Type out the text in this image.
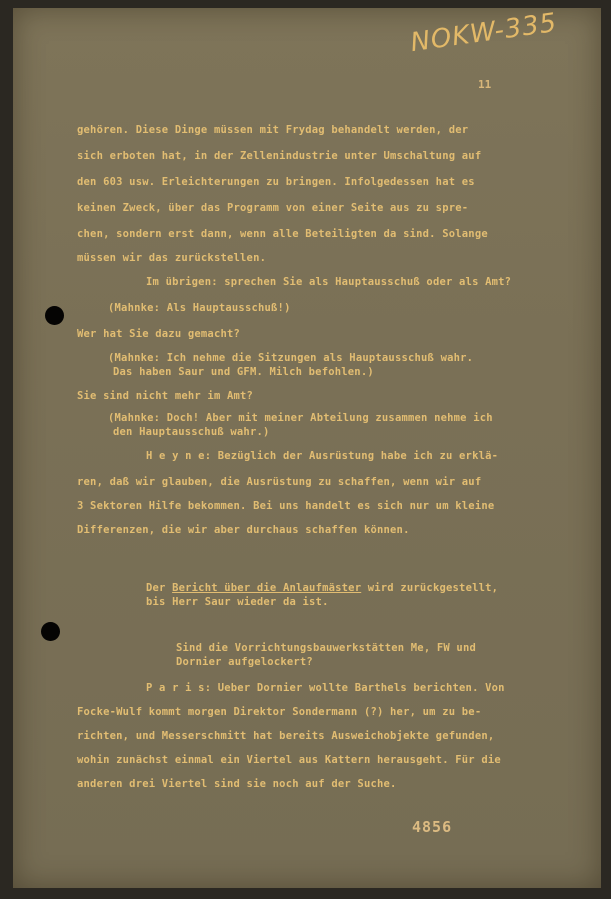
NOKW-335
11
gehören. Diese Dinge müssen mit Frydag behandelt werden, der
sich erboten hat, in der Zellenindustrie unter Umschaltung auf
den 603 usw. Erleichterungen zu bringen. Infolgedessen hat es
keinen Zweck, über das Programm von einer Seite aus zu spre-
chen, sondern erst dann, wenn alle Beteiligten da sind. Solange
müssen wir das zurückstellen.
Im übrigen: sprechen Sie als Hauptausschuß oder als Amt?
(Mahnke: Als Hauptausschuß!)
Wer hat Sie dazu gemacht?
(Mahnke: Ich nehme die Sitzungen als Hauptausschuß wahr.
Das haben Saur und GFM. Milch befohlen.)
Sie sind nicht mehr im Amt?
(Mahnke: Doch! Aber mit meiner Abteilung zusammen nehme ich
den Hauptausschuß wahr.)
H e y n e: Bezüglich der Ausrüstung habe ich zu erklä-
ren, daß wir glauben, die Ausrüstung zu schaffen, wenn wir auf
3 Sektoren Hilfe bekommen. Bei uns handelt es sich nur um kleine
Differenzen, die wir aber durchaus schaffen können.
Der Bericht über die Anlaufmäster wird zurückgestellt,
bis Herr Saur wieder da ist.
Sind die Vorrichtungsbauwerkstätten Me, FW und
Dornier aufgelockert?
P a r i s: Ueber Dornier wollte Barthels berichten. Von
Focke-Wulf kommt morgen Direktor Sondermann (?) her, um zu be-
richten, und Messerschmitt hat bereits Ausweichobjekte gefunden,
wohin zunächst einmal ein Viertel aus Kattern herausgeht. Für die
anderen drei Viertel sind sie noch auf der Suche.
4856
